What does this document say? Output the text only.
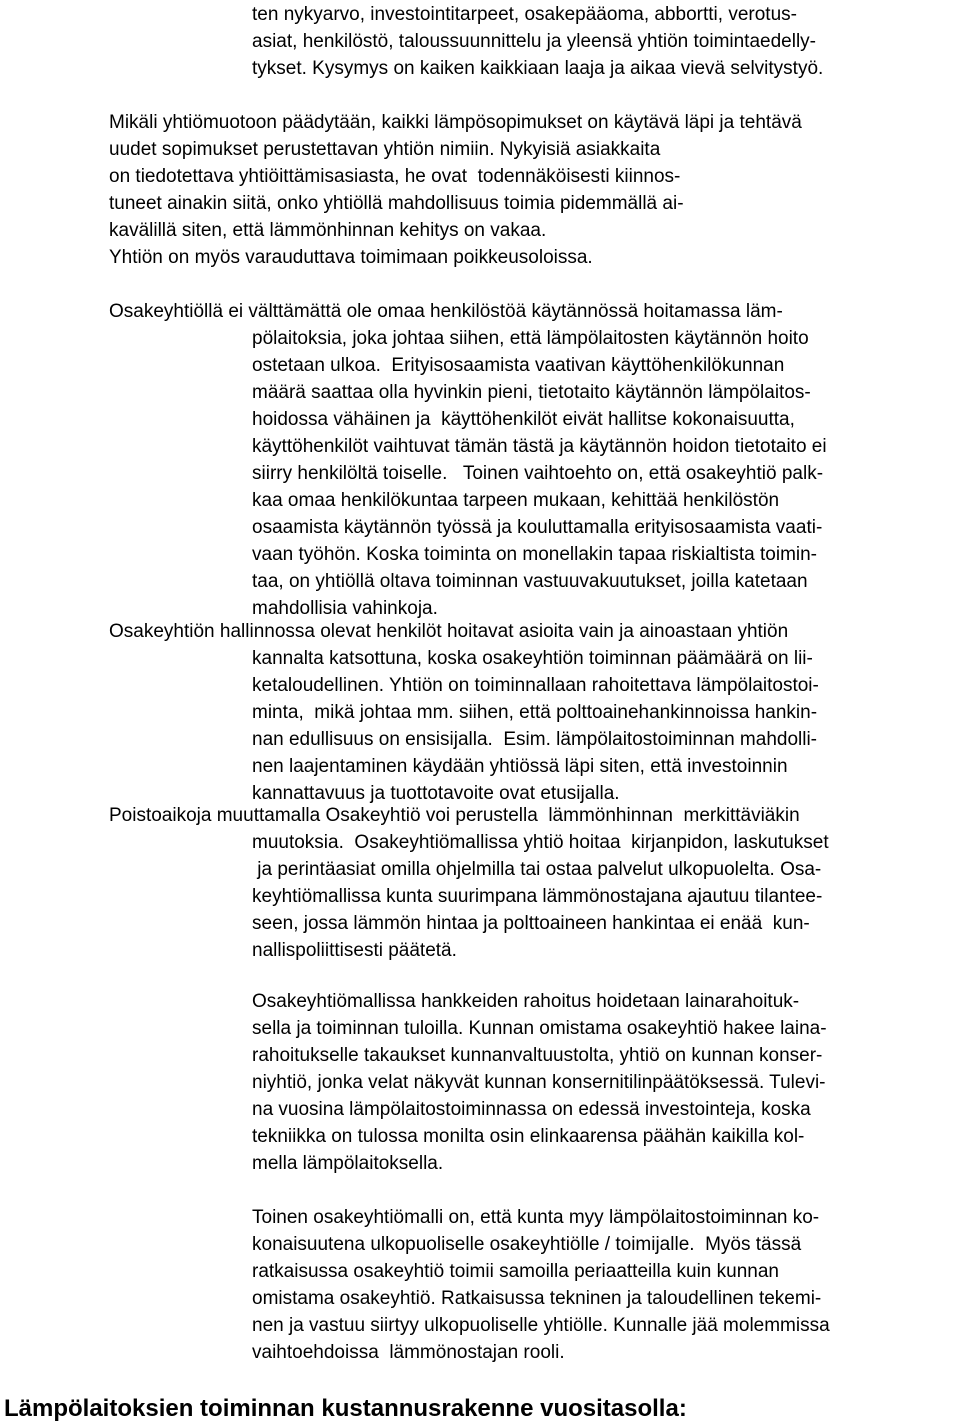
ten nykyarvo, investointitarpeet, osakepääoma, abbortti, verotus-

asiat, henkilöstö, taloussuunnittelu ja yleensä yhtiön toimintaedelly-

tykset. Kysymys on kaiken kaikkiaan laaja ja aikaa vievä selvitystyö.

Mikäli yhtiömuotoon päädytään, kaikki lämpösopimukset on käytävä läpi ja tehtävä

uudet sopimukset perustettavan yhtiön nimiin. Nykyisiä asiakkaita

on tiedotettava yhtiöittämisasiasta, he ovat  todennäköisesti kiinnos-

tuneet ainakin siitä, onko yhtiöllä mahdollisuus toimia pidemmällä ai-

kavälillä siten, että lämmönhinnan kehitys on vakaa.

Yhtiön on myös varauduttava toimimaan poikkeusoloissa.

Osakeyhtiöllä ei välttämättä ole omaa henkilöstöä käytännössä hoitamassa läm-

pölaitoksia, joka johtaa siihen, että lämpölaitosten käytännön hoito

ostetaan ulkoa.  Erityisosaamista vaativan käyttöhenkilökunnan

määrä saattaa olla hyvinkin pieni, tietotaito käytännön lämpölaitos-

hoidossa vähäinen ja  käyttöhenkilöt eivät hallitse kokonaisuutta,

käyttöhenkilöt vaihtuvat tämän tästä ja käytännön hoidon tietotaito ei

siirry henkilöltä toiselle.   Toinen vaihtoehto on, että osakeyhtiö palk-

kaa omaa henkilökuntaa tarpeen mukaan, kehittää henkilöstön

osaamista käytännön työssä ja kouluttamalla erityisosaamista vaati-

vaan työhön. Koska toiminta on monellakin tapaa riskialtista toimin-

taa, on yhtiöllä oltava toiminnan vastuuvakuutukset, joilla katetaan

mahdollisia vahinkoja.

Osakeyhtiön hallinnossa olevat henkilöt hoitavat asioita vain ja ainoastaan yhtiön

kannalta katsottuna, koska osakeyhtiön toiminnan päämäärä on lii-

ketaloudellinen. Yhtiön on toiminnallaan rahoitettava lämpölaitostoi-

minta,  mikä johtaa mm. siihen, että polttoainehankinnoissa hankin-

nan edullisuus on ensisijalla.  Esim. lämpölaitostoiminnan mahdolli-

nen laajentaminen käydään yhtiössä läpi siten, että investoinnin

kannattavuus ja tuottotavoite ovat etusijalla.

Poistoaikoja muuttamalla Osakeyhtiö voi perustella  lämmönhinnan  merkittäviäkin

muutoksia.  Osakeyhtiömallissa yhtiö hoitaa  kirjanpidon, laskutukset

ja perintäasiat omilla ohjelmilla tai ostaa palvelut ulkopuolelta. Osa-

keyhtiömallissa kunta suurimpana lämmönostajana ajautuu tilantee-

seen, jossa lämmön hintaa ja polttoaineen hankintaa ei enää  kun-

nallispoliittisesti päätetä.

Osakeyhtiömallissa hankkeiden rahoitus hoidetaan lainarahoituk-

sella ja toiminnan tuloilla. Kunnan omistama osakeyhtiö hakee laina-

rahoitukselle takaukset kunnanvaltuustolta, yhtiö on kunnan konser-

niyhtiö, jonka velat näkyvät kunnan konsernitilinpäätöksessä. Tulevi-

na vuosina lämpölaitostoiminnassa on edessä investointeja, koska

tekniikka on tulossa monilta osin elinkaarensa päähän kaikilla kol-

mella lämpölaitoksella.

Toinen osakeyhtiömalli on, että kunta myy lämpölaitostoiminnan ko-

konaisuutena ulkopuoliselle osakeyhtiölle / toimijalle.  Myös tässä

ratkaisussa osakeyhtiö toimii samoilla periaatteilla kuin kunnan

omistama osakeyhtiö. Ratkaisussa tekninen ja taloudellinen tekemi-

nen ja vastuu siirtyy ulkopuoliselle yhtiölle. Kunnalle jää molemmissa

vaihtoehdoissa  lämmönostajan rooli.

Lämpölaitoksien toiminnan kustannusrakenne vuositasolla:
